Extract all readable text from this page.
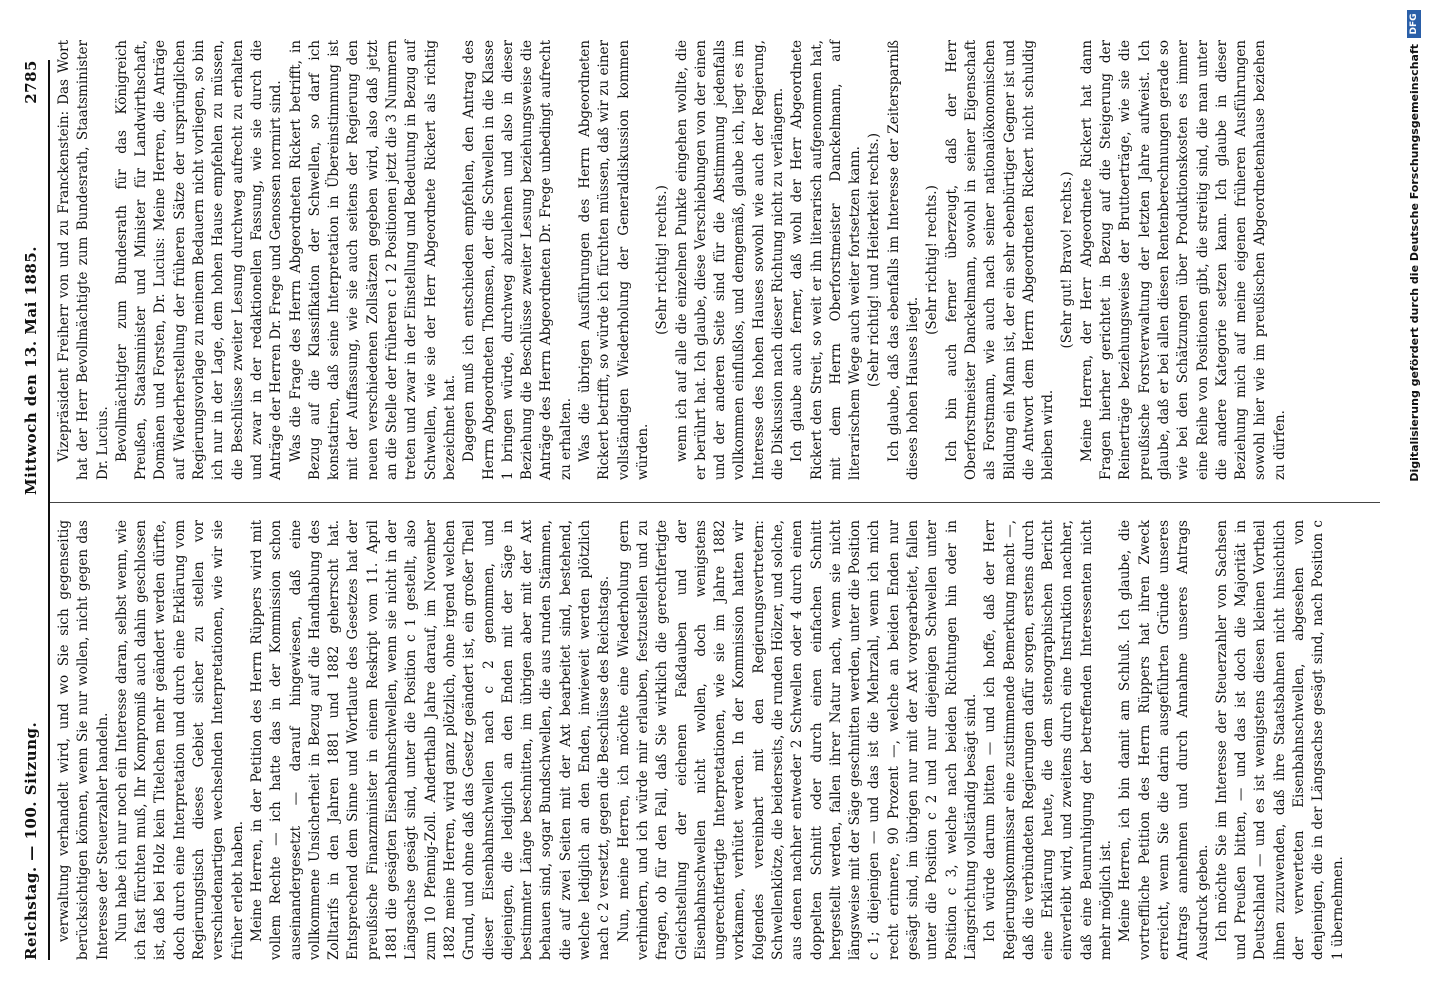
Reichstag. — 100. Sitzung.
Mittwoch den 13. Mai 1885.
2785

verwaltung verhandelt wird, und wo Sie sich gegenseitig berücksichtigen können, wenn Sie nur wollen, nicht gegen das Interesse der Steuerzahler handeln. Nun habe ich nur noch ein Interesse daran, selbst wenn, wie ich fast fürchten muß, Ihr Kompromiß auch dahin geschlossen ist, daß bei Holz kein Titelchen mehr geändert werden dürfte, doch durch eine Interpretation und durch eine Erklärung vom Regierungstisch dieses Gebiet sicher zu stellen vor verschiedenartigen wechselnden Interpretationen, wie wir sie früher erlebt haben. Meine Herren, in der Petition des Herrn Rüppers wird mit vollem Rechte — ich hatte das in der Kommission schon auseinandergesetzt — darauf hingewiesen, daß eine vollkommene Unsicherheit in Bezug auf die Handhabung des Zolltarifs in den Jahren 1881 und 1882 geherrscht hat. Entsprechend dem Sinne und Wortlaute des Gesetzes hat der preußische Finanzminister in einem Reskript vom 11. April 1881 die gesägten Eisenbahnschwellen, wenn sie nicht in der Längsachse gesägt sind, unter die Position c 1 gestellt, also zum 10 Pfennig-Zoll. Anderthalb Jahre darauf, im November 1882 meine Herren, wird ganz plötzlich, ohne irgend welchen Grund, und ohne daß das Gesetz geändert ist, ein großer Theil dieser Eisenbahnschwellen nach c 2 genommen, und diejenigen, die lediglich an den Enden mit der Säge in bestimmter Länge beschnitten, im übrigen aber mit der Axt behauen sind, sogar Bundschwellen, die aus runden Stämmen, die auf zwei Seiten mit der Axt bearbeitet sind, bestehend, welche lediglich an den Enden, inwieweit werden plötzlich nach c 2 versetzt, gegen die Beschlüsse des Reichstags. Nun, meine Herren, ich möchte eine Wiederholung gern verhindern, und ich würde mir erlauben, festzustellen und zu fragen, ob für den Fall, daß Sie wirklich die gerechtfertigte Gleichstellung der eichenen Faßdauben und der Eisenbahnschwellen nicht wollen, doch wenigstens ungerechtfertigte Interpretationen, wie sie im Jahre 1882 vorkamen, verhütet werden. In der Kommission hatten wir folgendes vereinbart mit den Regierungsvertretern: Schwellenklötze, die beiderseits, die runden Hölzer, und solche, aus denen nachher entweder 2 Schwellen oder 4 durch einen doppelten Schnitt oder durch einen einfachen Schnitt hergestellt werden, fallen ihrer Natur nach, wenn sie nicht längsweise mit der Säge geschnitten werden, unter die Position c 1; diejenigen — und das ist die Mehrzahl, wenn ich mich recht erinnere, 90 Prozent —, welche an beiden Enden nur gesägt sind, im übrigen nur mit der Axt vorgearbeitet, fallen unter die Position c 2 und nur diejenigen Schwellen unter Position c 3, welche nach beiden Richtungen hin oder in Längsrichtung vollständig besägt sind. Ich würde darum bitten — und ich hoffe, daß der Herr Regierungskommissar eine zustimmende Bemerkung macht —, daß die verbündeten Regierungen dafür sorgen, erstens durch eine Erklärung heute, die dem stenographischen Bericht einverleibt wird, und zweitens durch eine Instruktion nachher, daß eine Beunruhigung der betreffenden Interessenten nicht mehr möglich ist. Meine Herren, ich bin damit am Schluß. Ich glaube, die vortreffliche Petition des Herrn Rüppers hat ihren Zweck erreicht, wenn Sie die darin ausgeführten Gründe unseres Antrags annehmen und durch Annahme unseres Antrags Ausdruck geben. Ich möchte Sie im Interesse der Steuerzahler von Sachsen und Preußen bitten, — und das ist doch die Majorität in Deutschland — und es ist wenigstens diesen kleinen Vortheil ihnen zuzuwenden, daß ihre Staatsbahnen nicht hinsichtlich der verwerteten Eisenbahnschwellen, abgesehen von denjenigen, die in der Längsachse gesägt sind, nach Position c 1 übernehmen.

Vizepräsident Freiherr von und zu Franckenstein: Das Wort hat der Herr Bevollmächtigte zum Bundesrath, Staatsminister Dr. Lucius. Bevollmächtigter zum Bundesrath für das Königreich Preußen, Staatsminister und Minister für Landwirthschaft, Domänen und Forsten, Dr. Lucius: Meine Herren, die Anträge auf Wiederherstellung der früheren Sätze der ursprünglichen Regierungsvorlage zu meinem Bedauern nicht vorliegen, so bin ich nur in der Lage, dem hohen Hause empfehlen zu müssen, die Beschlüsse zweiter Lesung durchweg aufrecht zu erhalten und zwar in der redaktionellen Fassung, wie sie durch die Anträge der Herren Dr. Frege und Genossen normirt sind. Was die Frage des Herrn Abgeordneten Rickert betrifft, in Bezug auf die Klassifikation der Schwellen, so darf ich konstatiren, daß seine Interpretation in Übereinstimmung ist mit der Auffassung, wie sie auch seitens der Regierung den neuen verschiedenen Zollsätzen gegeben wird, also daß jetzt an die Stelle der früheren c 1 2 Positionen jetzt die 3 Nummern treten und zwar in der Einstellung und Bedeutung in Bezug auf Schwellen, wie sie der Herr Abgeordnete Rickert als richtig bezeichnet hat. Dagegen muß ich entschieden empfehlen, den Antrag des Herrn Abgeordneten Thomsen, der die Schwellen in die Klasse 1 bringen würde, durchweg abzulehnen und also in dieser Beziehung die Beschlüsse zweiter Lesung beziehungsweise die Anträge des Herrn Abgeordneten Dr. Frege unbedingt aufrecht zu erhalten. Was die übrigen Ausführungen des Herrn Abgeordneten Rickert betrifft, so würde ich fürchten müssen, daß wir zu einer vollständigen Wiederholung der Generaldiskussion kommen würden.

(Sehr richtig! rechts.) wenn ich auf alle die einzelnen Punkte eingehen wollte, die er berührt hat. Ich glaube, diese Verschiebungen von der einen und der anderen Seite sind für die Abstimmung jedenfalls vollkommen einflußlos, und demgemäß, glaube ich, liegt es im Interesse des hohen Hauses sowohl wie auch der Regierung, die Diskussion nach dieser Richtung nicht zu verlängern. Ich glaube auch ferner, daß wohl der Herr Abgeordnete Rickert den Streit, so weit er ihn literarisch aufgenommen hat, mit dem Herrn Oberforstmeister Danckelmann, auf literarischem Wege auch weiter fortsetzen kann. (Sehr richtig! und Heiterkeit rechts.) Ich glaube, daß das ebenfalls im Interesse der Zeitersparniß dieses hohen Hauses liegt.

(Sehr richtig! rechts.) Ich bin auch ferner überzeugt, daß der Herr Oberforstmeister Danckelmann, sowohl in seiner Eigenschaft als Forstmann, wie auch nach seiner nationalökonomischen Bildung ein Mann ist, der ein sehr ebenbürtiger Gegner ist und die Antwort dem Herrn Abgeordneten Rickert nicht schuldig bleiben wird.

(Sehr gut! Bravo! rechts.) Meine Herren, der Herr Abgeordnete Rickert hat dann Fragen hierher gerichtet in Bezug auf die Steigerung der Reinerträge beziehungsweise der Bruttoerträge, wie sie die preußische Forstverwaltung der letzten Jahre aufweist. Ich glaube, daß er bei allen diesen Rentenberechnungen gerade so wie bei den Schätzungen über Produktionskosten es immer eine Reihe von Positionen gibt, die streitig sind, die man unter die andere Kategorie setzen kann. Ich glaube in dieser Beziehung mich auf meine eigenen früheren Ausführungen sowohl hier wie im preußischen Abgeordnetenhause beziehen zu dürfen.	Digitalisierung gefördert durch die Deutsche Forschungsgemeinschaft
DFG
